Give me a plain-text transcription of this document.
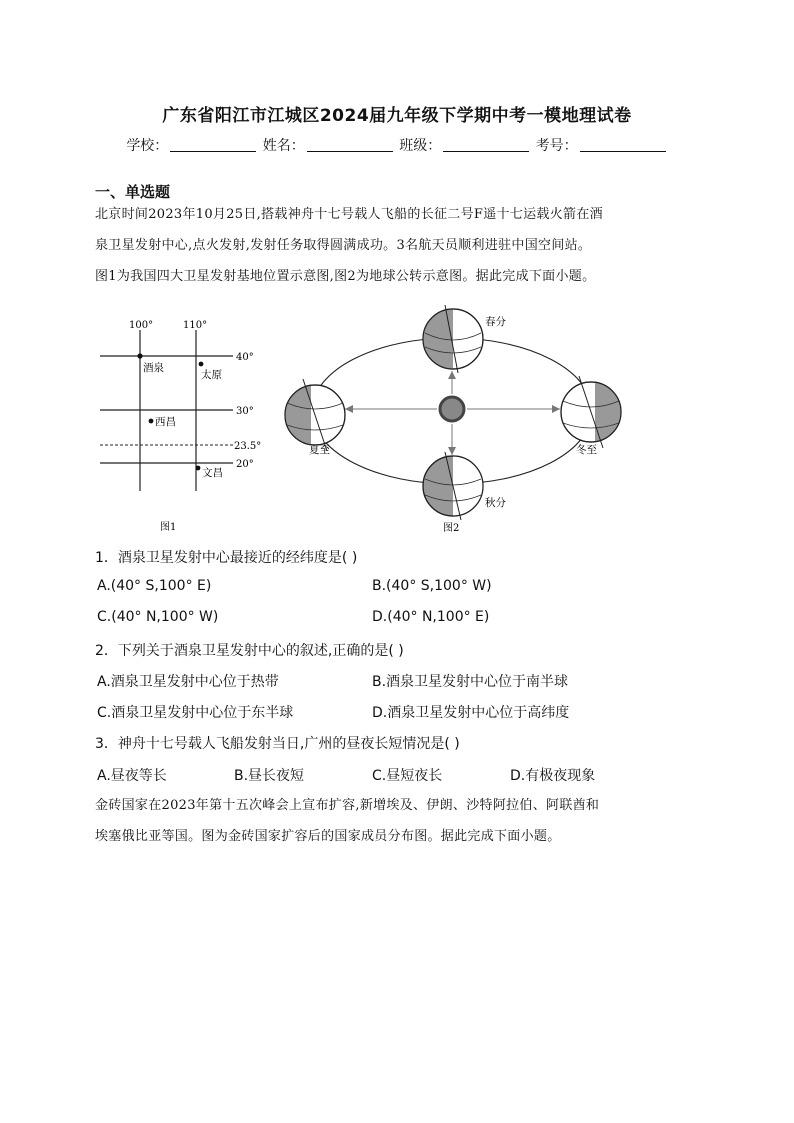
广东省阳江市江城区2024届九年级下学期中考一模地理试卷
学校：	姓名：	班级：	考号：
一、单选题

北京时间2023年10月25日,搭载神舟十七号载人飞船的长征二号F遥十七运载火箭在酒

泉卫星发射中心,点火发射,发射任务取得圆满成功。3名航天员顺利进驻中国空间站。

图1为我国四大卫星发射基地位置示意图,图2为地球公转示意图。据此完成下面小题。

100°	110°
40°
30°
23.5°
20°
酒泉
太原
西昌
文昌
图1
春分
夏至	冬至
秋分
图2
1．酒泉卫星发射中心最接近的经纬度是( )
A.(40° S,100° E)	B.(40° S,100° W)
C.(40° N,100° W)	D.(40° N,100° E)
2．下列关于酒泉卫星发射中心的叙述,正确的是( )
A.酒泉卫星发射中心位于热带	B.酒泉卫星发射中心位于南半球
C.酒泉卫星发射中心位于东半球	D.酒泉卫星发射中心位于高纬度
3．神舟十七号载人飞船发射当日,广州的昼夜长短情况是( )
A.昼夜等长	B.昼长夜短	C.昼短夜长	D.有极夜现象

金砖国家在2023年第十五次峰会上宣布扩容,新增埃及、伊朗、沙特阿拉伯、阿联酋和

埃塞俄比亚等国。图为金砖国家扩容后的国家成员分布图。据此完成下面小题。
